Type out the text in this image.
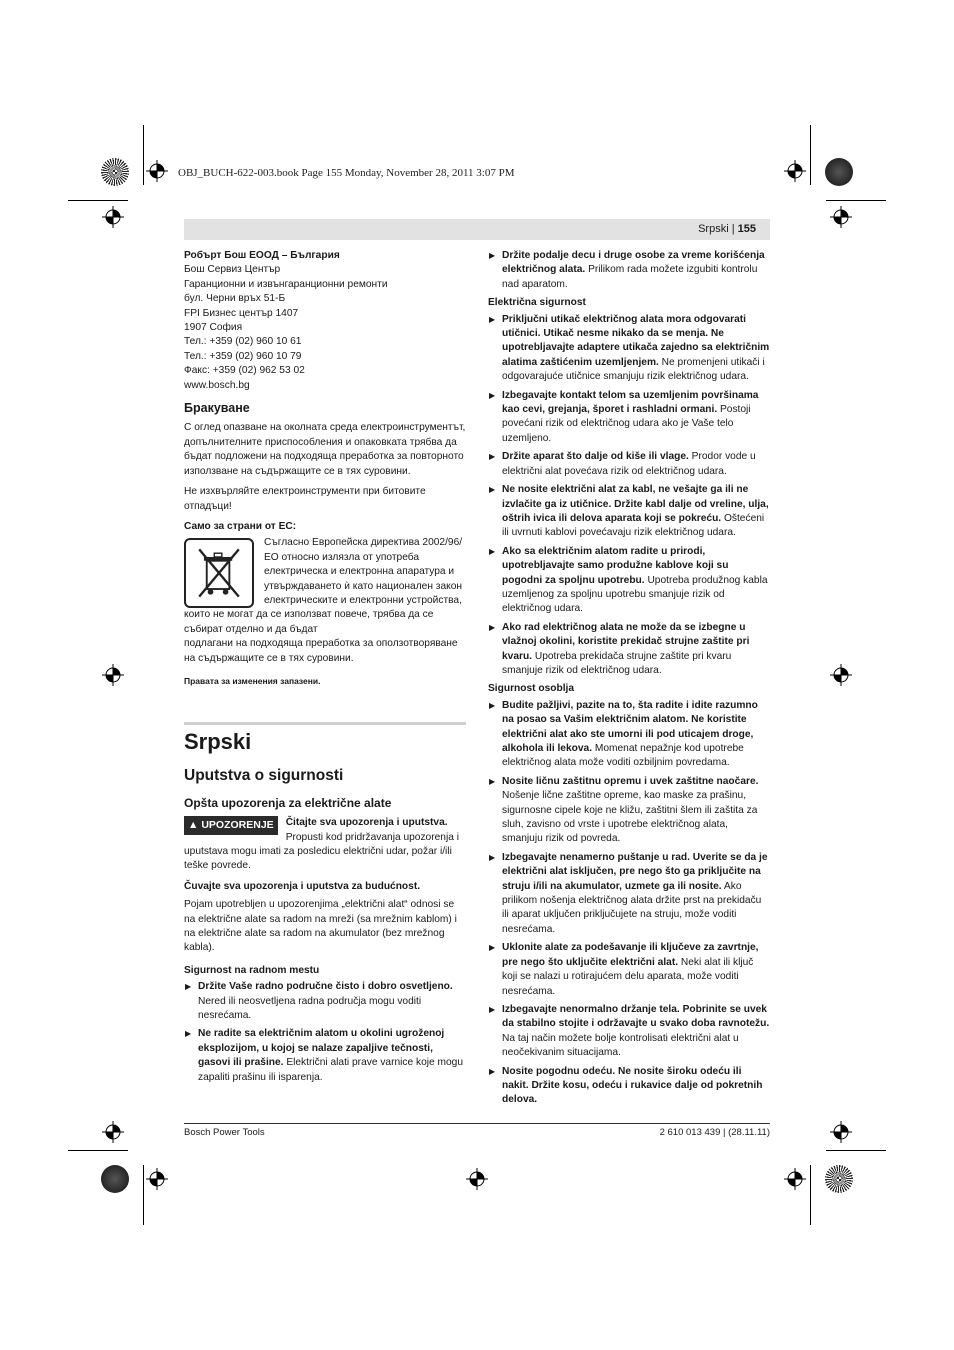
OBJ_BUCH-622-003.book Page 155 Monday, November 28, 2011 3:07 PM
Srpski | 155

Робърт Бош ЕООД – България

Бош Сервиз Център

Гаранционни и извънгаранционни ремонти

бул. Черни връх 51-Б

FPI Бизнес център 1407

1907 София

Тел.: +359 (02) 960 10 61

Тел.: +359 (02) 960 10 79

Факс: +359 (02) 962 53 02

www.bosch.bg

Бракуване

С оглед опазване на околната среда електроинструментът, допълнителните приспособления и опаковката трябва да бъдат подложени на подходяща преработка за повторното използване на съдържащите се в тях суровини.

Не изхвърляйте електроинструменти при битовите отпадъци!

Само за страни от ЕС:

Съгласно Европейска директива 2002/96/ЕО относно излязла от употреба електрическа и електронна апаратура и утвърждаването ѝ като национален закон електрическите и електронни устройства, които не могат да се използват повече, трябва да се събират отделно и да бъдат

подлагани на подходяща преработка за оползотворяване на съдържащите се в тях суровини.

Правата за изменения запазени.

Srpski
Uputstva o sigurnosti
Opšta upozorenja za električne alate
▲ UPOZORENJE	Čitajte sva upozorenja i uputstva.

Propusti kod pridržavanja upozorenja i uputstava mogu imati za posledicu električni udar, požar i/ili teške povrede.

Čuvajte sva upozorenja i uputstva za budućnost.

Pojam upotrebljen u upozorenjima „električni alat“ odnosi se na električne alate sa radom na mreži (sa mrežnim kablom) i na električne alate sa radom na akumulator (bez mrežnog kabla).

Sigurnost na radnom mestu

▶ Držite Vaše radno područne čisto i dobro osvetljeno. Nered ili neosvetljena radna područja mogu voditi nesrećama.

▶ Ne radite sa električnim alatom u okolini ugroženoj eksplozijom, u kojoj se nalaze zapaljive tečnosti, gasovi ili prašine. Električni alati prave varnice koje mogu zapaliti prašinu ili isparenja.

▶ Držite podalje decu i druge osobe za vreme korišćenja električnog alata. Prilikom rada možete izgubiti kontrolu nad aparatom.

Električna sigurnost

▶ Priključni utikač električnog alata mora odgovarati utičnici. Utikač nesme nikako da se menja. Ne upotrebljavajte adaptere utikača zajedno sa električnim alatima zaštićenim uzemljenjem. Ne promenjeni utikači i odgovarajuće utičnice smanjuju rizik električnog udara.

▶ Izbegavajte kontakt telom sa uzemljenim površinama kao cevi, grejanja, šporet i rashladni ormani. Postoji povećani rizik od električnog udara ako je Vaše telo uzemljeno.

▶ Držite aparat što dalje od kiše ili vlage. Prodor vode u električni alat povećava rizik od električnog udara.

▶ Ne nosite električni alat za kabl, ne vešajte ga ili ne izvlačite ga iz utičnice. Držite kabl dalje od vreline, ulja, oštrih ivica ili delova aparata koji se pokreću. Oštećeni ili uvrnuti kablovi povećavaju rizik električnog udara.

▶ Ako sa električnim alatom radite u prirodi, upotrebljavajte samo produžne kablove koji su pogodni za spoljnu upotrebu. Upotreba produžnog kabla uzemljenog za spoljnu upotrebu smanjuje rizik od električnog udara.

▶ Ako rad električnog alata ne može da se izbegne u vlažnoj okolini, koristite prekidač strujne zaštite pri kvaru. Upotreba prekidača strujne zaštite pri kvaru smanjuje rizik od električnog udara.

Sigurnost osoblja

▶ Budite pažljivi, pazite na to, šta radite i idite razumno na posao sa Vašim električnim alatom. Ne koristite električni alat ako ste umorni ili pod uticajem droge, alkohola ili lekova. Momenat nepažnje kod upotrebe električnog alata može voditi ozbiljnim povredama.

▶ Nosite ličnu zaštitnu opremu i uvek zaštitne naočare. Nošenje lične zaštitne opreme, kao maske za prašinu, sigurnosne cipele koje ne kližu, zaštitni šlem ili zaštita za sluh, zavisno od vrste i upotrebe električnog alata, smanjuju rizik od povreda.

▶ Izbegavajte nenamerno puštanje u rad. Uverite se da je električni alat isključen, pre nego što ga priključite na struju i/ili na akumulator, uzmete ga ili nosite. Ako prilikom nošenja električnog alata držite prst na prekidaču ili aparat uključen priključujete na struju, može voditi nesrećama.

▶ Uklonite alate za podešavanje ili ključeve za zavrtnje, pre nego što uključite električni alat. Neki alat ili ključ koji se nalazi u rotirajućem delu aparata, može voditi nesrećama.

▶ Izbegavajte nenormalno držanje tela. Pobrinite se uvek da stabilno stojite i održavajte u svako doba ravnotežu. Na taj način možete bolje kontrolisati električni alat u neočekivanim situacijama.

▶ Nosite pogodnu odeću. Ne nosite široku odeću ili nakit. Držite kosu, odeću i rukavice dalje od pokretnih delova.

Bosch Power Tools	2 610 013 439 | (28.11.11)
